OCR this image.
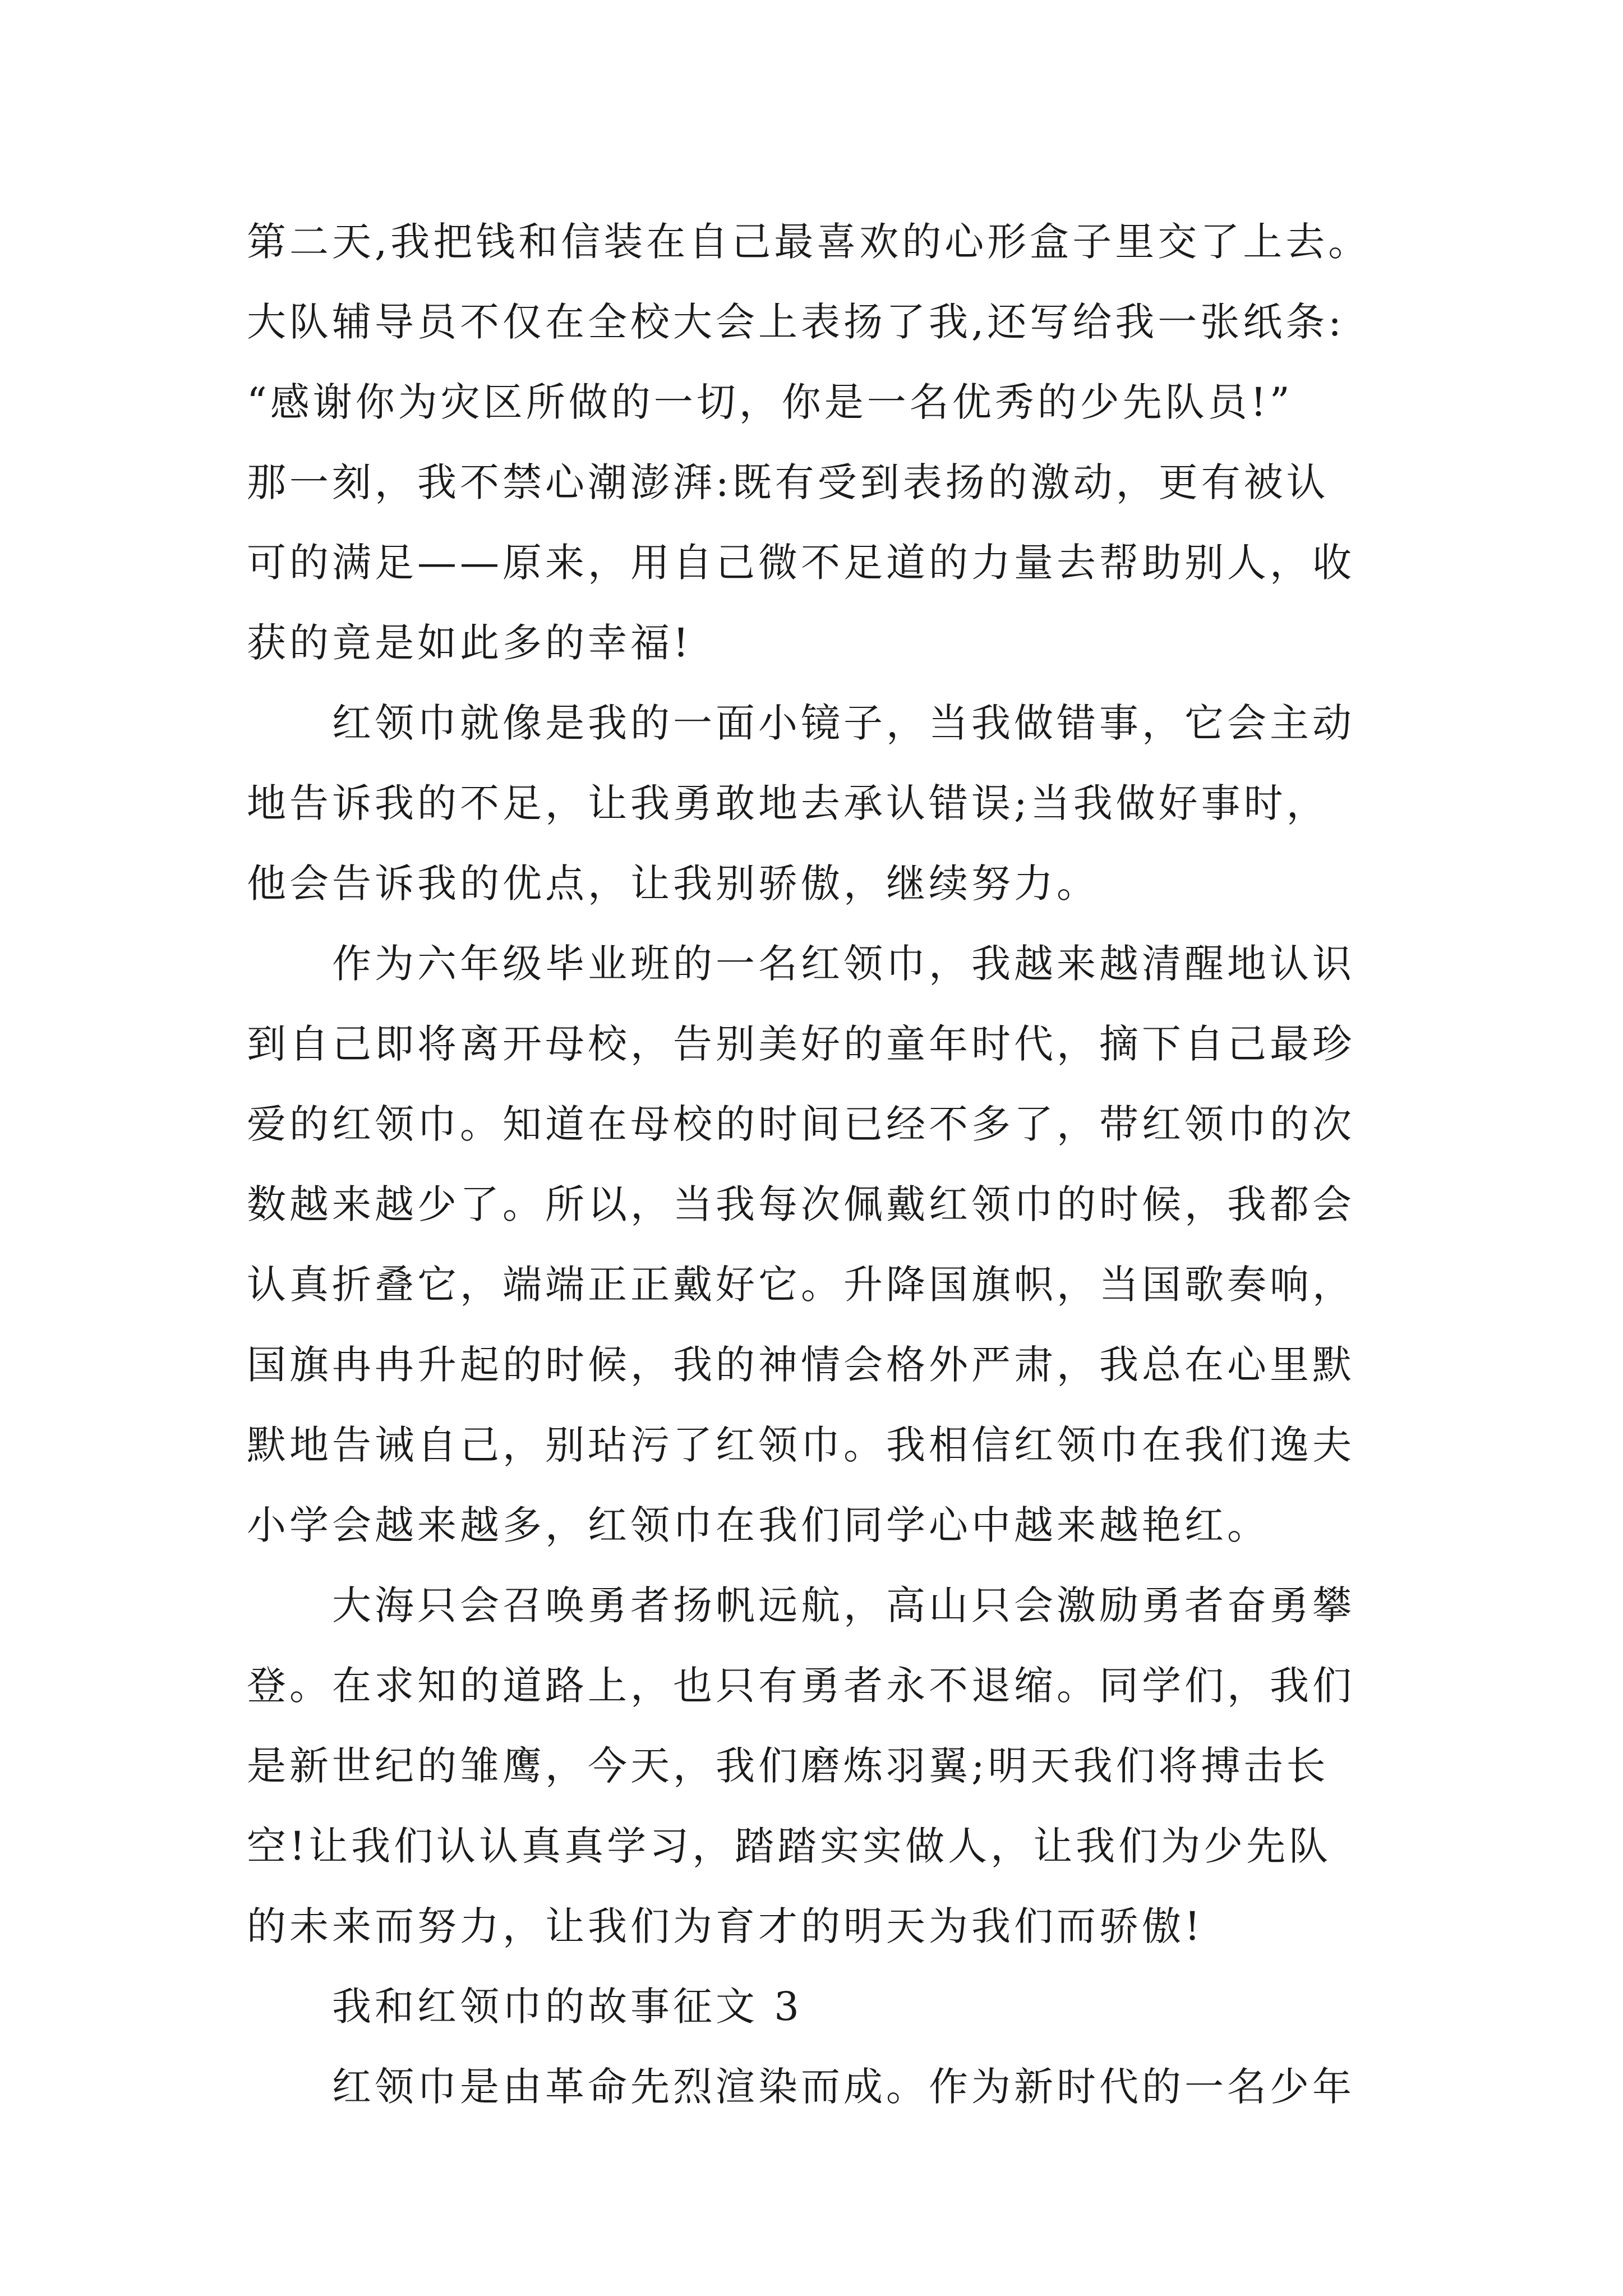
第二天,我把钱和信装在自己最喜欢的心形盒子里交了上去。
大队辅导员不仅在全校大会上表扬了我,还写给我一张纸条:
“感谢你为灾区所做的一切，你是一名优秀的少先队员!”
那一刻，我不禁心潮澎湃:既有受到表扬的激动，更有被认
可的满足——原来，用自己微不足道的力量去帮助别人，收
获的竟是如此多的幸福!
红领巾就像是我的一面小镜子，当我做错事，它会主动
地告诉我的不足，让我勇敢地去承认错误;当我做好事时，
他会告诉我的优点，让我别骄傲，继续努力。
作为六年级毕业班的一名红领巾，我越来越清醒地认识
到自己即将离开母校，告别美好的童年时代，摘下自己最珍
爱的红领巾。知道在母校的时间已经不多了，带红领巾的次
数越来越少了。所以，当我每次佩戴红领巾的时候，我都会
认真折叠它，端端正正戴好它。升降国旗帜，当国歌奏响，
国旗冉冉升起的时候，我的神情会格外严肃，我总在心里默
默地告诫自己，别玷污了红领巾。我相信红领巾在我们逸夫
小学会越来越多，红领巾在我们同学心中越来越艳红。
大海只会召唤勇者扬帆远航，高山只会激励勇者奋勇攀
登。在求知的道路上，也只有勇者永不退缩。同学们，我们
是新世纪的雏鹰，今天，我们磨炼羽翼;明天我们将搏击长
空!让我们认认真真学习，踏踏实实做人，让我们为少先队
的未来而努力，让我们为育才的明天为我们而骄傲!
我和红领巾的故事征文 3
红领巾是由革命先烈渲染而成。作为新时代的一名少年
